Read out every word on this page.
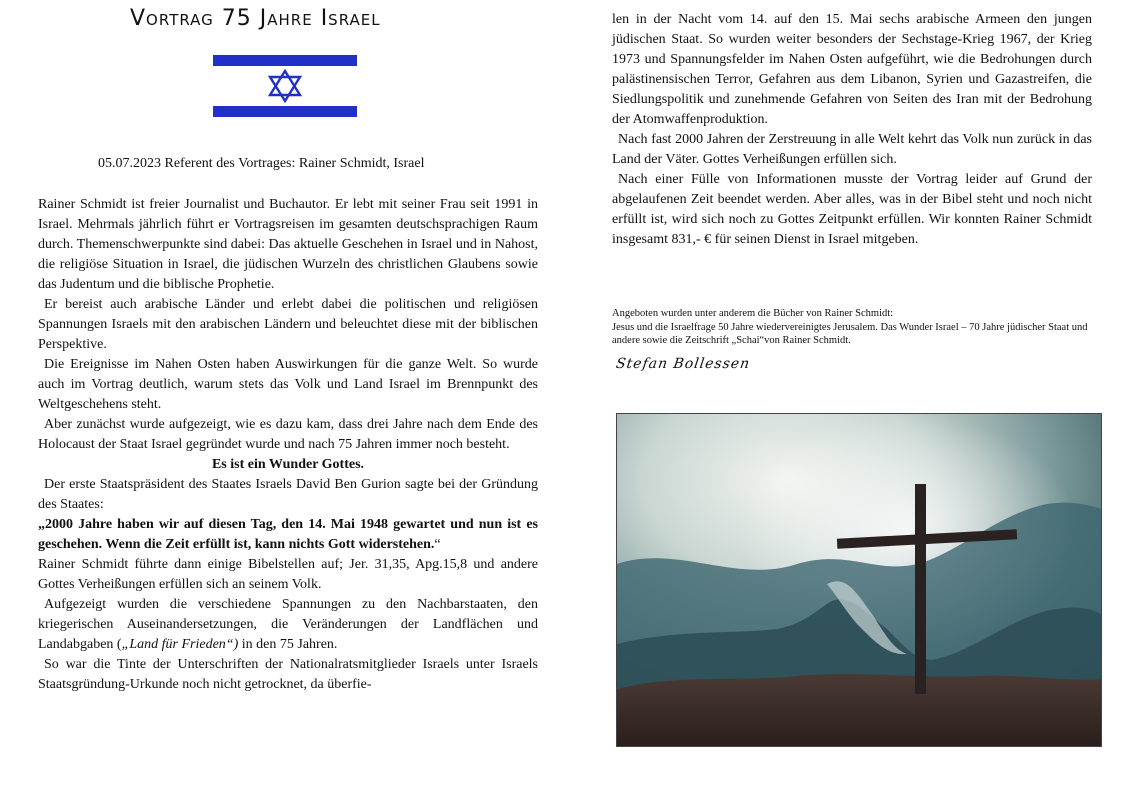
Vortrag 75 Jahre Israel
05.07.2023 Referent des Vortrages: Rainer Schmidt, Israel

Rainer Schmidt ist freier Journalist und Buchautor. Er lebt mit seiner Frau seit 1991 in Israel. Mehrmals jährlich führt er Vortragsreisen im gesamten deutschsprachigen Raum durch. Themenschwerpunkte sind dabei: Das aktuelle Geschehen in Israel und in Nahost, die religiöse Situation in Israel, die jüdischen Wurzeln des christlichen Glaubens sowie das Judentum und die biblische Prophetie.

Er bereist auch arabische Länder und erlebt dabei die politischen und religiösen Spannungen Israels mit den arabischen Ländern und beleuchtet diese mit der biblischen Perspektive.

Die Ereignisse im Nahen Osten haben Auswirkungen für die ganze Welt. So wurde auch im Vortrag deutlich, warum stets das Volk und Land Israel im Brennpunkt des Weltgeschehens steht.

Aber zunächst wurde aufgezeigt, wie es dazu kam, dass drei Jahre nach dem Ende des Holocaust der Staat Israel gegründet wurde und nach 75 Jahren immer noch besteht.

Es ist ein Wunder Gottes.

Der erste Staatspräsident des Staates Israels David Ben Gurion sagte bei der Gründung des Staates:

„2000 Jahre haben wir auf diesen Tag, den 14. Mai 1948 gewartet und nun ist es geschehen. Wenn die Zeit erfüllt ist, kann nichts Gott widerstehen.“

Rainer Schmidt führte dann einige Bibelstellen auf; Jer. 31,35, Apg.15,8 und andere Gottes Verheißungen erfüllen sich an seinem Volk.

Aufgezeigt wurden die verschiedene Spannungen zu den Nachbarstaaten, den kriegerischen Auseinandersetzungen, die Veränderungen der Landflächen und Landabgaben („Land für Frieden“) in den 75 Jahren.

So war die Tinte der Unterschriften der Nationalratsmitglieder Israels unter Israels Staatsgründung-Urkunde noch nicht getrocknet, da überfie-

len in der Nacht vom 14. auf den 15. Mai sechs arabische Armeen den jungen jüdischen Staat. So wurden weiter besonders der Sechstage-Krieg 1967, der Krieg 1973 und Spannungsfelder im Nahen Osten aufgeführt, wie die Bedrohungen durch palästinensischen Terror, Gefahren aus dem Libanon, Syrien und Gazastreifen, die Siedlungspolitik und zunehmende Gefahren von Seiten des Iran mit der Bedrohung der Atomwaffenproduktion.

Nach fast 2000 Jahren der Zerstreuung in alle Welt kehrt das Volk nun zurück in das Land der Väter. Gottes Verheißungen erfüllen sich.

Nach einer Fülle von Informationen musste der Vortrag leider auf Grund der abgelaufenen Zeit beendet werden. Aber alles, was in der Bibel steht und noch nicht erfüllt ist, wird sich noch zu Gottes Zeitpunkt erfüllen. Wir konnten Rainer Schmidt insgesamt 831,- € für seinen Dienst in Israel mitgeben.

Angeboten wurden unter anderem die Bücher von Rainer Schmidt:

Jesus und die Israelfrage 50 Jahre wiedervereinigtes Jerusalem. Das Wunder Israel – 70 Jahre jüdischer Staat und andere sowie die Zeitschrift „Schai“von Rainer Schmidt.

Stefan Bollessen
